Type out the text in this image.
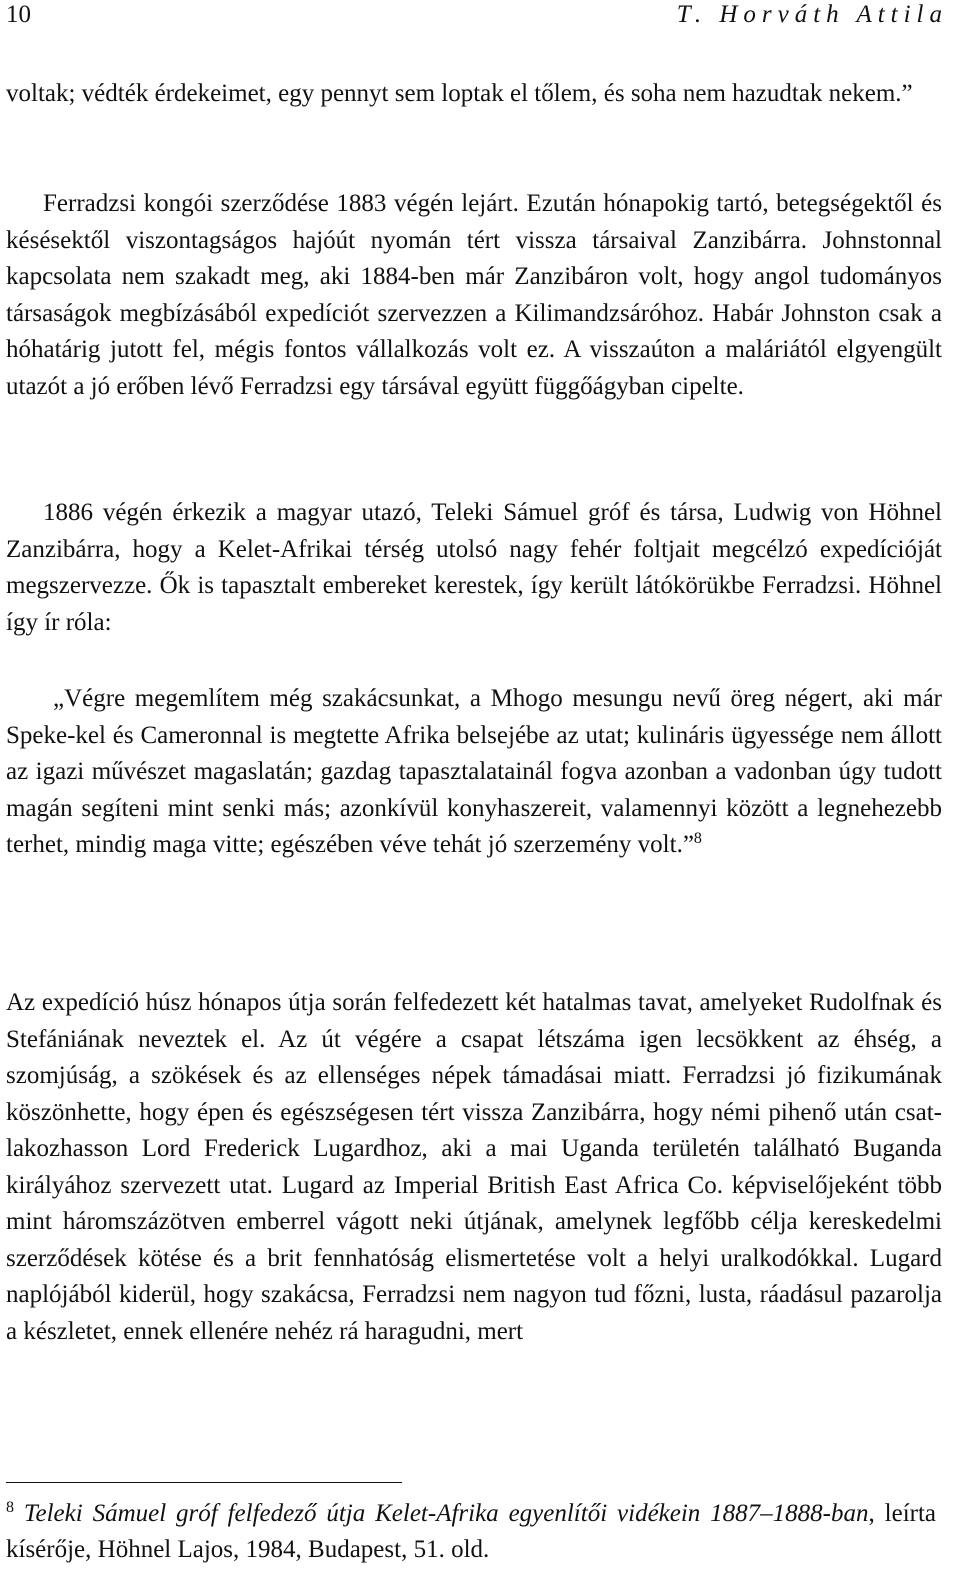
10	T. Horváth Attila

voltak; védték érdekeimet, egy pennyt sem loptak el tőlem, és soha nem hazudtak nekem.”

Ferradzsi kongói szerződése 1883 végén lejárt. Ezután hónapokig tartó, betegségektől és késésektől viszontagságos hajóút nyomán tért vissza társaival Zanzibárra. Johnstonnal kapcsolata nem szakadt meg, aki 1884-ben már Zanzibáron volt, hogy angol tudományos társaságok megbízásából expedíciót szervezzen a Kilimandzsáróhoz. Habár Johnston csak a hóhatárig jutott fel, mégis fontos vállalkozás volt ez. A visszaúton a maláriától elgyengült utazót a jó erőben lévő Ferradzsi egy társával együtt függőágyban cipelte.

1886 végén érkezik a magyar utazó, Teleki Sámuel gróf és társa, Ludwig von Höhnel Zanzibárra, hogy a Kelet-Afrikai térség utolsó nagy fehér foltjait megcélzó expedícióját megszervezze. Ők is tapasztalt embereket kerestek, így került látókörükbe Ferradzsi. Höhnel így ír róla:

„Végre megemlítem még szakácsunkat, a Mhogo mesungu nevű öreg négert, aki már Speke-kel és Cameronnal is megtette Afrika belsejébe az utat; kulináris ügyessége nem állott az igazi művészet magaslatán; gazdag tapasztalatainál fogva azonban a vadonban úgy tudott magán segíteni mint senki más; azonkívül konyhaszereit, valamennyi között a legnehezebb terhet, mindig maga vitte; egészében véve tehát jó szerzemény volt.”$^8$

Az expedíció húsz hónapos útja során felfedezett két hatalmas tavat, amelyeket Rudolfnak és Stefániának neveztek el. Az út végére a csapat létszáma igen lecsökkent az éhség, a szomjúság, a szökések és az ellenséges népek támadásai miatt. Ferradzsi jó fizikumának köszönhette, hogy épen és egészségesen tért vissza Zanzibárra, hogy némi pihenő után csatlakozhasson Lord Frederick Lugardhoz, aki a mai Uganda területén található Buganda királyához szervezett utat. Lugard az Imperial British East Africa Co. képviselőjeként több mint háromszázötven emberrel vágott neki útjának, amelynek legfőbb célja kereskedelmi szerződések kötése és a brit fennhatóság elismertetése volt a helyi uralkodókkal. Lugard naplójából kiderül, hogy szakácsa, Ferradzsi nem nagyon tud főzni, lusta, ráadásul pazarolja a készletet, ennek ellenére nehéz rá haragudni, mert

$^8$ Teleki Sámuel gróf felfedező útja Kelet-Afrika egyenlítői vidékein 1887–1888-ban, leírta kísérője, Höhnel Lajos, 1984, Budapest, 51. old.
